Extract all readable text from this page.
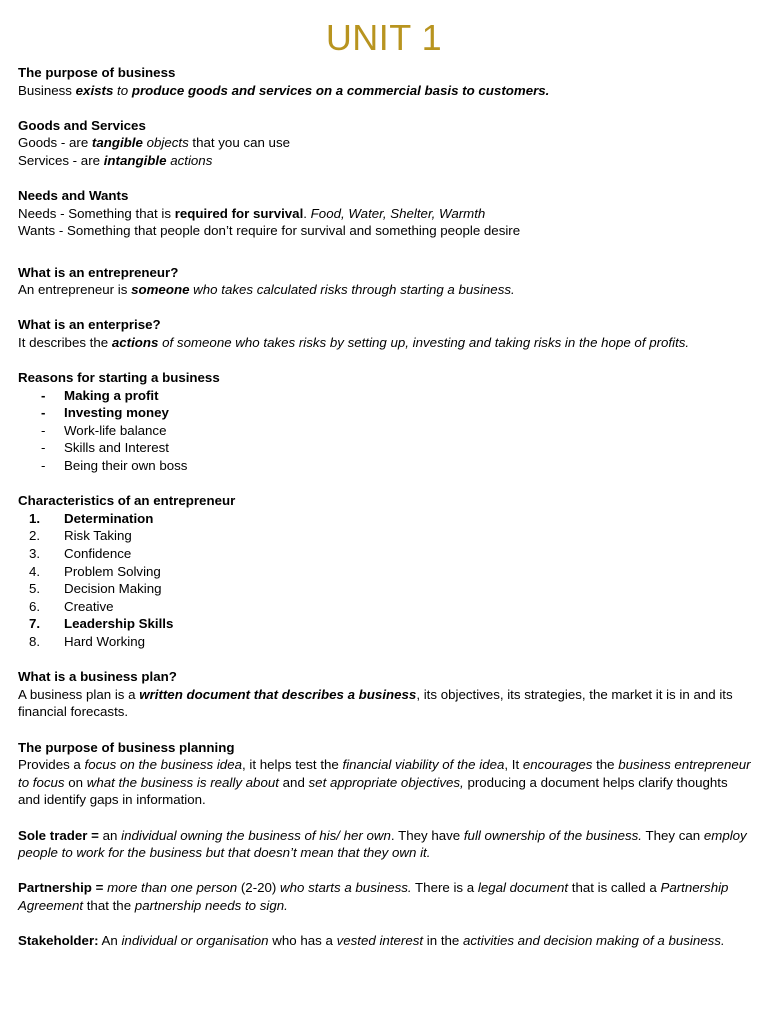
UNIT 1
The purpose of business

Business exists to produce goods and services on a commercial basis to customers.

Goods and Services

Goods - are tangible objects that you can use

Services - are intangible actions

Needs and Wants

Needs - Something that is required for survival. Food, Water, Shelter, Warmth

Wants - Something that people don’t require for survival and something people desire

What is an entrepreneur?

An entrepreneur is someone who takes calculated risks through starting a business.

What is an enterprise?

It describes the actions of someone who takes risks by setting up, investing and taking risks in the hope of profits.

Reasons for starting a business
- Making a profit
- Investing money
- Work-life balance
- Skills and Interest
- Being their own boss
Characteristics of an entrepreneur
1. Determination
2. Risk Taking
3. Confidence
4. Problem Solving
5. Decision Making
6. Creative
7. Leadership Skills
8. Hard Working
What is a business plan?

A business plan is a written document that describes a business, its objectives, its strategies, the market it is in and its financial forecasts.

The purpose of business planning

Provides a focus on the business idea, it helps test the financial viability of the idea, It encourages the business entrepreneur to focus on what the business is really about and set appropriate objectives, producing a document helps clarify thoughts and identify gaps in information.

Sole trader = an individual owning the business of his/ her own. They have full ownership of the business. They can employ people to work for the business but that doesn’t mean that they own it.

Partnership = more than one person (2-20) who starts a business. There is a legal document that is called a Partnership Agreement that the partnership needs to sign.

Stakeholder: An individual or organisation who has a vested interest in the activities and decision making of a business.
